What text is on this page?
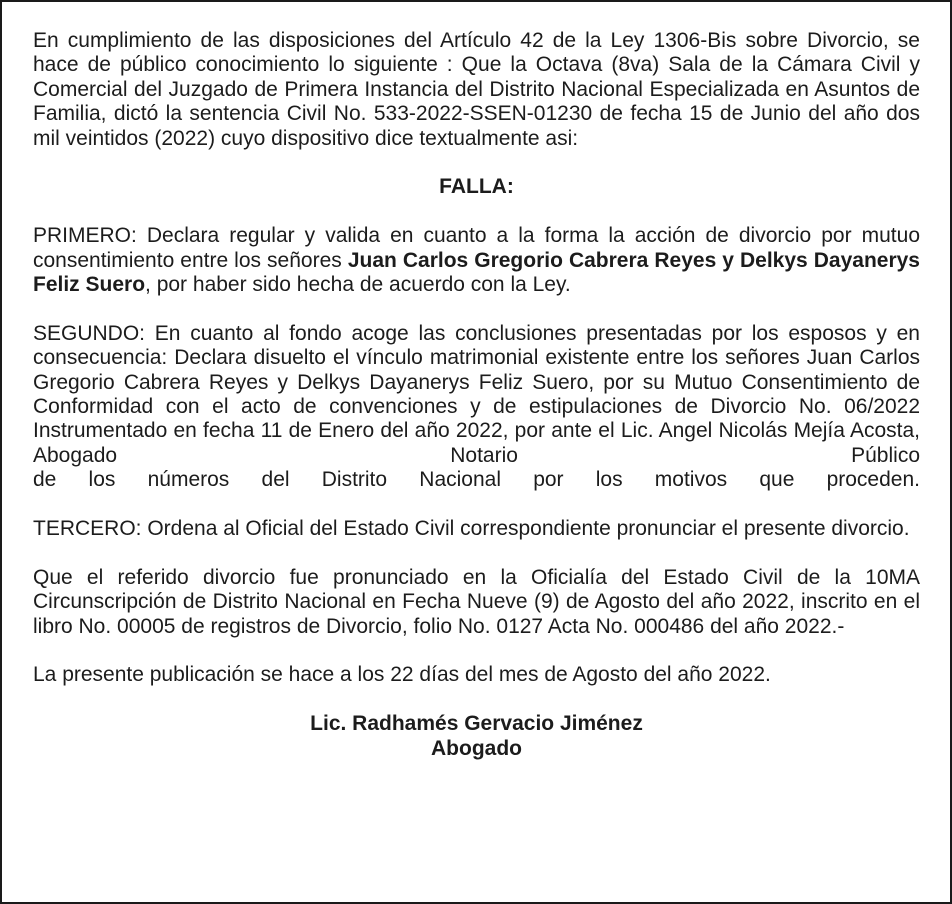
En cumplimiento de las disposiciones del Artículo 42 de la Ley 1306-Bis sobre Divorcio, se hace de público conocimiento lo siguiente : Que la Octava (8va) Sala de la Cámara Civil y Comercial del Juzgado de Primera Instancia del Distrito Nacional Especializada en Asuntos de Familia, dictó la sentencia Civil No. 533-2022-SSEN-01230 de fecha 15 de Junio del año dos mil veintidos (2022) cuyo dispositivo dice textualmente asi:

FALLA:

PRIMERO: Declara regular y valida en cuanto a la forma la acción de divorcio por mutuo consentimiento entre los señores Juan Carlos Gregorio Cabrera Reyes y Delkys Dayanerys Feliz Suero, por haber sido hecha de acuerdo con la Ley.

SEGUNDO: En cuanto al fondo acoge las conclusiones presentadas por los esposos y en consecuencia: Declara disuelto el vínculo matrimonial existente entre los señores Juan Carlos Gregorio Cabrera Reyes y Delkys Dayanerys Feliz Suero, por su Mutuo Consentimiento de Conformidad con el acto de convenciones y de estipulaciones de Divorcio No. 06/2022 Instrumentado en fecha 11 de Enero del año 2022, por ante el Lic. Angel Nicolás Mejía Acosta, Abogado Notario Público
de los números del Distrito Nacional por los motivos que proceden.

TERCERO: Ordena al Oficial del Estado Civil correspondiente pronunciar el presente divorcio.

Que el referido divorcio fue pronunciado en la Oficialía del Estado Civil de la 10MA Circunscripción de Distrito Nacional en Fecha Nueve (9) de Agosto del año 2022, inscrito en el libro No. 00005 de registros de Divorcio, folio No. 0127 Acta No. 000486 del año 2022.-

La presente publicación se hace a los 22 días del mes de Agosto del año 2022.

Lic. Radhamés Gervacio Jiménez

Abogado
